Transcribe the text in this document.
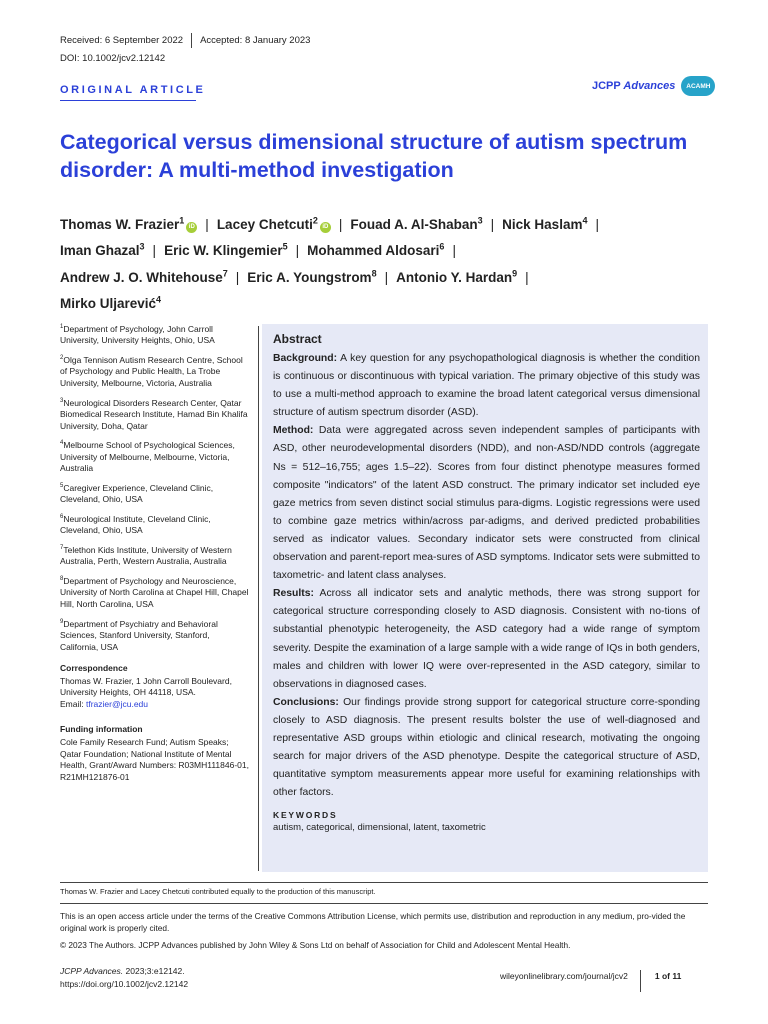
Received: 6 September 2022 Accepted: 8 January 2023
DOI: 10.1002/jcv2.12142
ORIGINAL ARTICLE	JCPP Advances	ACAMH
Categorical versus dimensional structure of autism spectrum disorder: A multi-method investigation
Thomas W. Frazier$^1$iD | Lacey Chetcuti$^2$iD | Fouad A. Al-Shaban$^3$ | Nick Haslam$^4$ |
Iman Ghazal$^3$ | Eric W. Klingemier$^5$ | Mohammed Aldosari$^6$ |
Andrew J. O. Whitehouse$^7$ | Eric A. Youngstrom$^8$ | Antonio Y. Hardan$^9$ |
Mirko Uljarević$^4$
$^1$Department of Psychology, John Carroll University, University Heights, Ohio, USA
$^2$Olga Tennison Autism Research Centre, School of Psychology and Public Health, La Trobe University, Melbourne, Victoria, Australia
$^3$Neurological Disorders Research Center, Qatar Biomedical Research Institute, Hamad Bin Khalifa University, Doha, Qatar
$^4$Melbourne School of Psychological Sciences, University of Melbourne, Melbourne, Victoria, Australia
$^5$Caregiver Experience, Cleveland Clinic, Cleveland, Ohio, USA
$^6$Neurological Institute, Cleveland Clinic, Cleveland, Ohio, USA
$^7$Telethon Kids Institute, University of Western Australia, Perth, Western Australia, Australia
$^8$Department of Psychology and Neuroscience, University of North Carolina at Chapel Hill, Chapel Hill, North Carolina, USA
$^9$Department of Psychiatry and Behavioral Sciences, Stanford University, Stanford, California, USA
Correspondence
Thomas W. Frazier, 1 John Carroll Boulevard, University Heights, OH 44118, USA.
Email: tfrazier@jcu.edu
Funding information
Cole Family Research Fund; Autism Speaks; Qatar Foundation; National Institute of Mental Health, Grant/Award Numbers: R03MH111846-01, R21MH121876-01
Abstract

Background: A key question for any psychopathological diagnosis is whether the condition is continuous or discontinuous with typical variation. The primary objective of this study was to use a multi-method approach to examine the broad latent categorical versus dimensional structure of autism spectrum disorder (ASD).

Method: Data were aggregated across seven independent samples of participants with ASD, other neurodevelopmental disorders (NDD), and non-ASD/NDD controls (aggregate Ns = 512–16,755; ages 1.5–22). Scores from four distinct phenotype measures formed composite "indicators" of the latent ASD construct. The primary indicator set included eye gaze metrics from seven distinct social stimulus para-digms. Logistic regressions were used to combine gaze metrics within/across par-adigms, and derived predicted probabilities served as indicator values. Secondary indicator sets were constructed from clinical observation and parent-report mea-sures of ASD symptoms. Indicator sets were submitted to taxometric- and latent class analyses.

Results: Across all indicator sets and analytic methods, there was strong support for categorical structure corresponding closely to ASD diagnosis. Consistent with no-tions of substantial phenotypic heterogeneity, the ASD category had a wide range of symptom severity. Despite the examination of a large sample with a wide range of IQs in both genders, males and children with lower IQ were over-represented in the ASD category, similar to observations in diagnosed cases.

Conclusions: Our findings provide strong support for categorical structure corre-sponding closely to ASD diagnosis. The present results bolster the use of well-diagnosed and representative ASD groups within etiologic and clinical research, motivating the ongoing search for major drivers of the ASD phenotype. Despite the categorical structure of ASD, quantitative symptom measurements appear more useful for examining relationships with other factors.

KEYWORDS
autism, categorical, dimensional, latent, taxometric
Thomas W. Frazier and Lacey Chetcuti contributed equally to the production of this manuscript.
This is an open access article under the terms of the Creative Commons Attribution License, which permits use, distribution and reproduction in any medium, pro-vided the original work is properly cited.
© 2023 The Authors. JCPP Advances published by John Wiley & Sons Ltd on behalf of Association for Child and Adolescent Mental Health.
JCPP Advances. 2023;3:e12142.
https://doi.org/10.1002/jcv2.12142
wileyonlinelibrary.com/journal/jcv2	1 of 11
